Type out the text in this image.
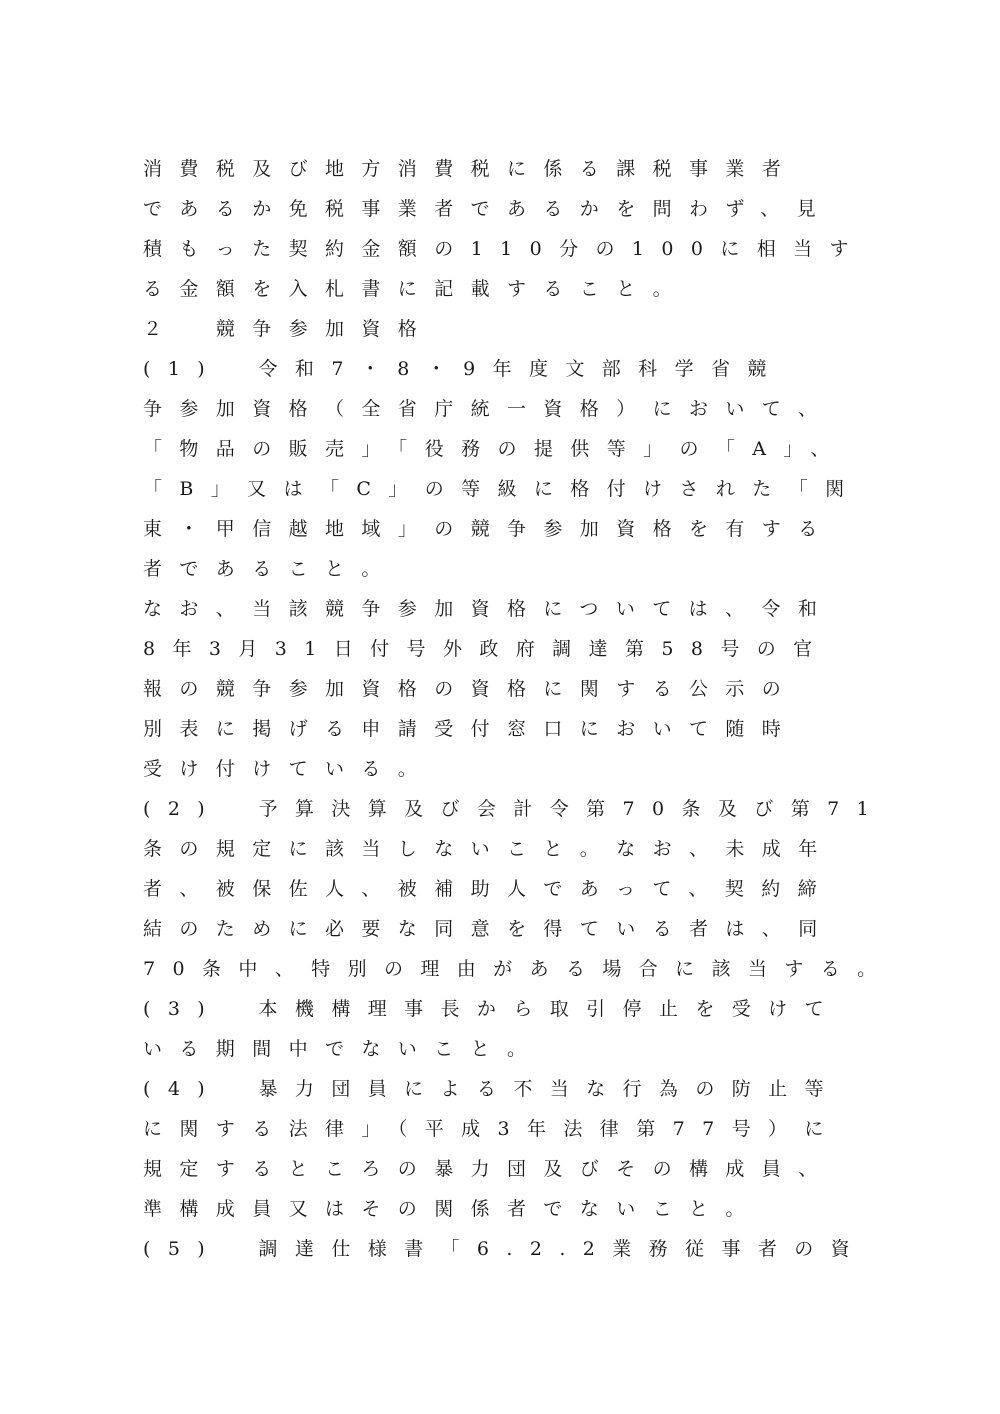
消費税及び地方消費税に係る課税事業者
であるか免税事業者であるかを問わず、見
積もった契約金額の110分の100に相当す
る金額を入札書に記載すること。
２　競争参加資格
(1)　令和7・8・9年度文部科学省競
争参加資格（全省庁統一資格）において、
「物品の販売」「役務の提供等」の「A」、
「B」又は「C」の等級に格付けされた「関
東・甲信越地域」の競争参加資格を有する
者であること。
なお、当該競争参加資格については、令和
8年3月31日付号外政府調達第58号の官
報の競争参加資格の資格に関する公示の
別表に掲げる申請受付窓口において随時
受け付けている。
(2)　予算決算及び会計令第70条及び第71
条の規定に該当しないこと。なお、未成年
者、被保佐人、被補助人であって、契約締
結のために必要な同意を得ている者は、同
70条中、特別の理由がある場合に該当する。
(3)　本機構理事長から取引停止を受けて
いる期間中でないこと。
(4)　暴力団員による不当な行為の防止等
に関する法律」（平成3年法律第77号）に
規定するところの暴力団及びその構成員、
準構成員又はその関係者でないこと。
(5)　調達仕様書「6.2.2業務従事者の資
